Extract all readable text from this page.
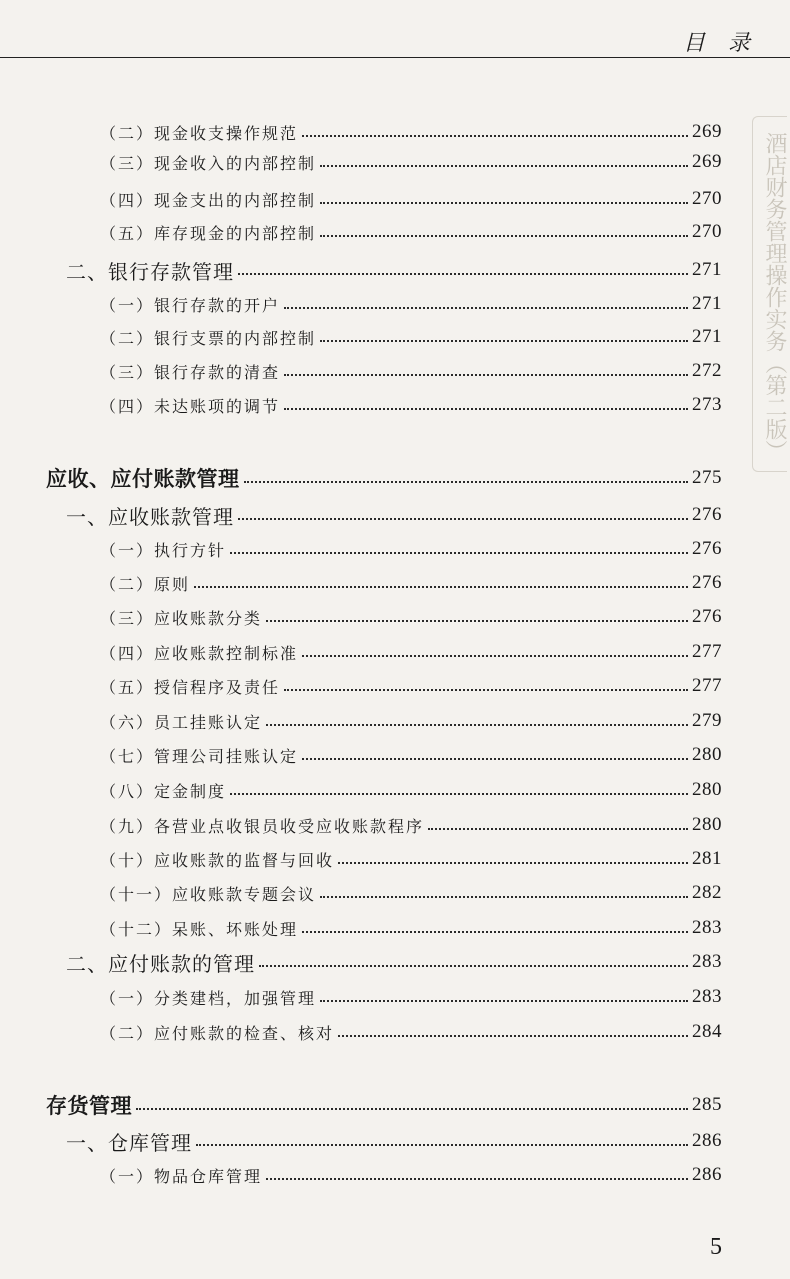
目 录
酒店财务管理操作实务（第二版）
（二）现金收支操作规范	269
（三）现金收入的内部控制	269
（四）现金支出的内部控制	270
（五）库存现金的内部控制	270
二、银行存款管理	271
（一）银行存款的开户	271
（二）银行支票的内部控制	271
（三）银行存款的清查	272
（四）未达账项的调节	273
应收、应付账款管理	275
一、应收账款管理	276
（一）执行方针	276
（二）原则	276
（三）应收账款分类	276
（四）应收账款控制标准	277
（五）授信程序及责任	277
（六）员工挂账认定	279
（七）管理公司挂账认定	280
（八）定金制度	280
（九）各营业点收银员收受应收账款程序	280
（十）应收账款的监督与回收	281
（十一）应收账款专题会议	282
（十二）呆账、坏账处理	283
二、应付账款的管理	283
（一）分类建档，加强管理	283
（二）应付账款的检查、核对	284
存货管理	285
一、仓库管理	286
（一）物品仓库管理	286
5
